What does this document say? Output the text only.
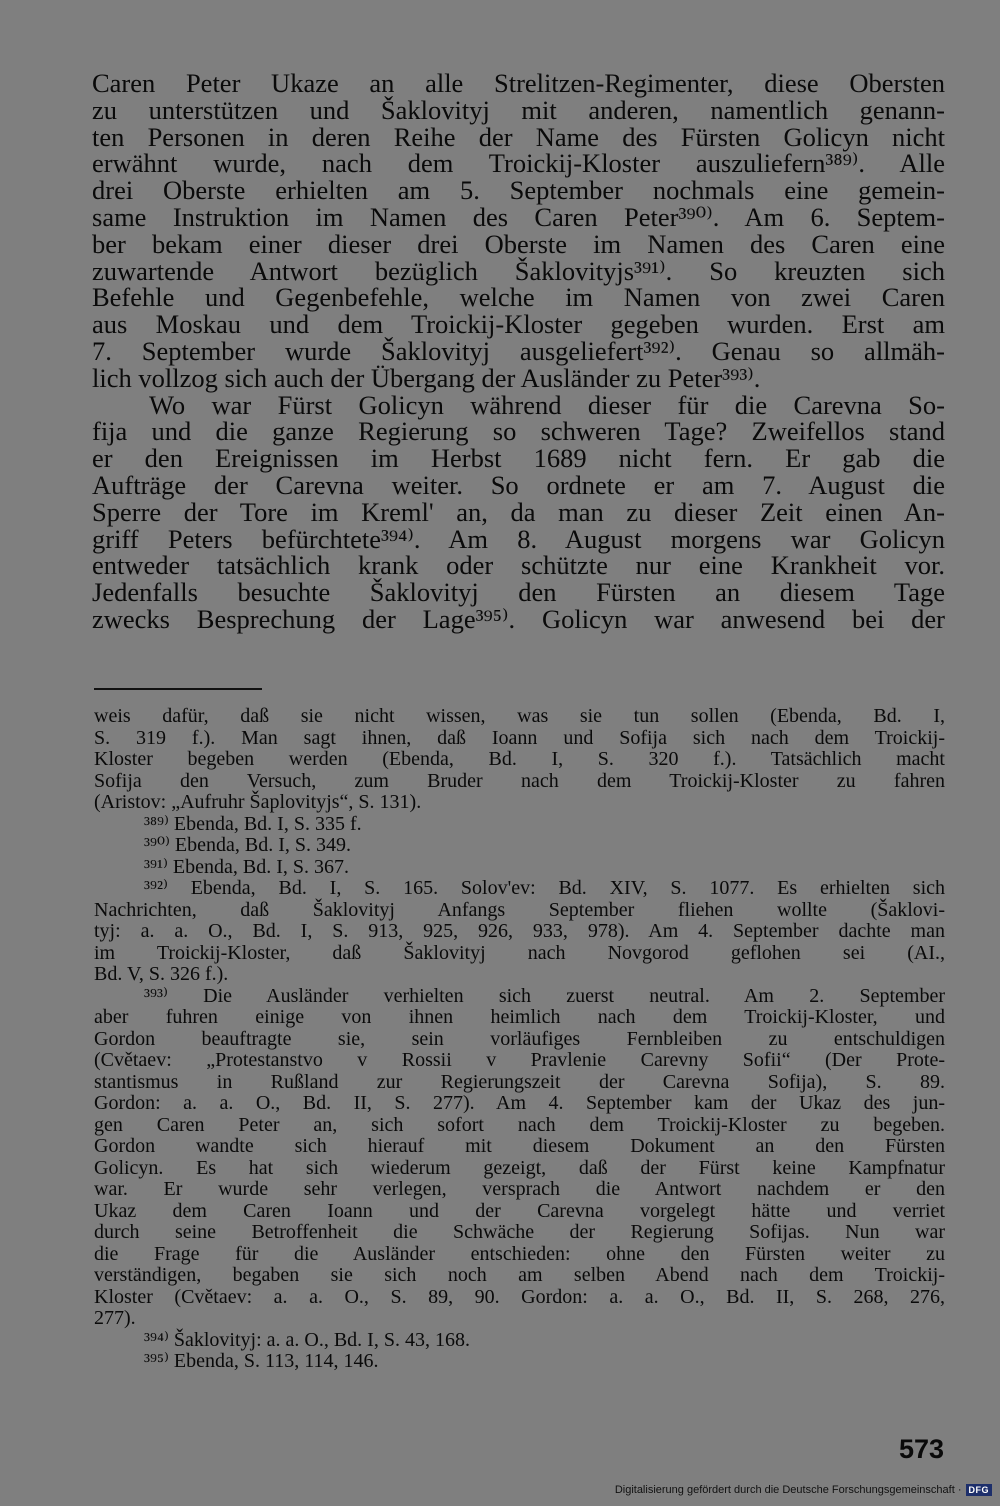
Caren Peter Ukaze an alle Strelitzen-Regimenter, diese Obersten
zu unterstützen und Šaklovityj mit anderen, namentlich genann-
ten Personen in deren Reihe der Name des Fürsten Golicyn nicht
erwähnt wurde, nach dem Troickij-Kloster auszuliefern³⁸⁹⁾. Alle
drei Oberste erhielten am 5. September nochmals eine gemein-
same Instruktion im Namen des Caren Peter³⁹⁰⁾. Am 6. Septem-
ber bekam einer dieser drei Oberste im Namen des Caren eine
zuwartende Antwort bezüglich Šaklovityjs³⁹¹⁾. So kreuzten sich
Befehle und Gegenbefehle, welche im Namen von zwei Caren
aus Moskau und dem Troickij-Kloster gegeben wurden. Erst am
7. September wurde Šaklovityj ausgeliefert³⁹²⁾. Genau so allmäh-
lich vollzog sich auch der Übergang der Ausländer zu Peter³⁹³⁾.
Wo war Fürst Golicyn während dieser für die Carevna So-
fija und die ganze Regierung so schweren Tage? Zweifellos stand
er den Ereignissen im Herbst 1689 nicht fern. Er gab die
Aufträge der Carevna weiter. So ordnete er am 7. August die
Sperre der Tore im Kreml' an, da man zu dieser Zeit einen An-
griff Peters befürchtete³⁹⁴⁾. Am 8. August morgens war Golicyn
entweder tatsächlich krank oder schützte nur eine Krankheit vor.
Jedenfalls besuchte Šaklovityj den Fürsten an diesem Tage
zwecks Besprechung der Lage³⁹⁵⁾. Golicyn war anwesend bei der
weis dafür, daß sie nicht wissen, was sie tun sollen (Ebenda, Bd. I,
S. 319 f.). Man sagt ihnen, daß Ioann und Sofija sich nach dem Troickij-
Kloster begeben werden (Ebenda, Bd. I, S. 320 f.). Tatsächlich macht
Sofija den Versuch, zum Bruder nach dem Troickij-Kloster zu fahren
(Aristov: „Aufruhr Šaplovityjs“, S. 131).
³⁸⁹⁾ Ebenda, Bd. I, S. 335 f.
³⁹⁰⁾ Ebenda, Bd. I, S. 349.
³⁹¹⁾ Ebenda, Bd. I, S. 367.
³⁹²⁾ Ebenda, Bd. I, S. 165. Solov'ev: Bd. XIV, S. 1077. Es erhielten sich
Nachrichten, daß Šaklovityj Anfangs September fliehen wollte (Šaklovi-
tyj: a. a. O., Bd. I, S. 913, 925, 926, 933, 978). Am 4. September dachte man
im Troickij-Kloster, daß Šaklovityj nach Novgorod geflohen sei (AI.,
Bd. V, S. 326 f.).
³⁹³⁾ Die Ausländer verhielten sich zuerst neutral. Am 2. September
aber fuhren einige von ihnen heimlich nach dem Troickij-Kloster, und
Gordon beauftragte sie, sein vorläufiges Fernbleiben zu entschuldigen
(Cvětaev: „Protestanstvo v Rossii v Pravlenie Carevny Sofii“ (Der Prote-
stantismus in Rußland zur Regierungszeit der Carevna Sofija), S. 89.
Gordon: a. a. O., Bd. II, S. 277). Am 4. September kam der Ukaz des jun-
gen Caren Peter an, sich sofort nach dem Troickij-Kloster zu begeben.
Gordon wandte sich hierauf mit diesem Dokument an den Fürsten
Golicyn. Es hat sich wiederum gezeigt, daß der Fürst keine Kampfnatur
war. Er wurde sehr verlegen, versprach die Antwort nachdem er den
Ukaz dem Caren Ioann und der Carevna vorgelegt hätte und verriet
durch seine Betroffenheit die Schwäche der Regierung Sofijas. Nun war
die Frage für die Ausländer entschieden: ohne den Fürsten weiter zu
verständigen, begaben sie sich noch am selben Abend nach dem Troickij-
Kloster (Cvětaev: a. a. O., S. 89, 90. Gordon: a. a. O., Bd. II, S. 268, 276,
277).
³⁹⁴⁾ Šaklovityj: a. a. O., Bd. I, S. 43, 168.
³⁹⁵⁾ Ebenda, S. 113, 114, 146.
573
Digitalisierung gefördert durch die Deutsche Forschungsgemeinschaft · DFG
